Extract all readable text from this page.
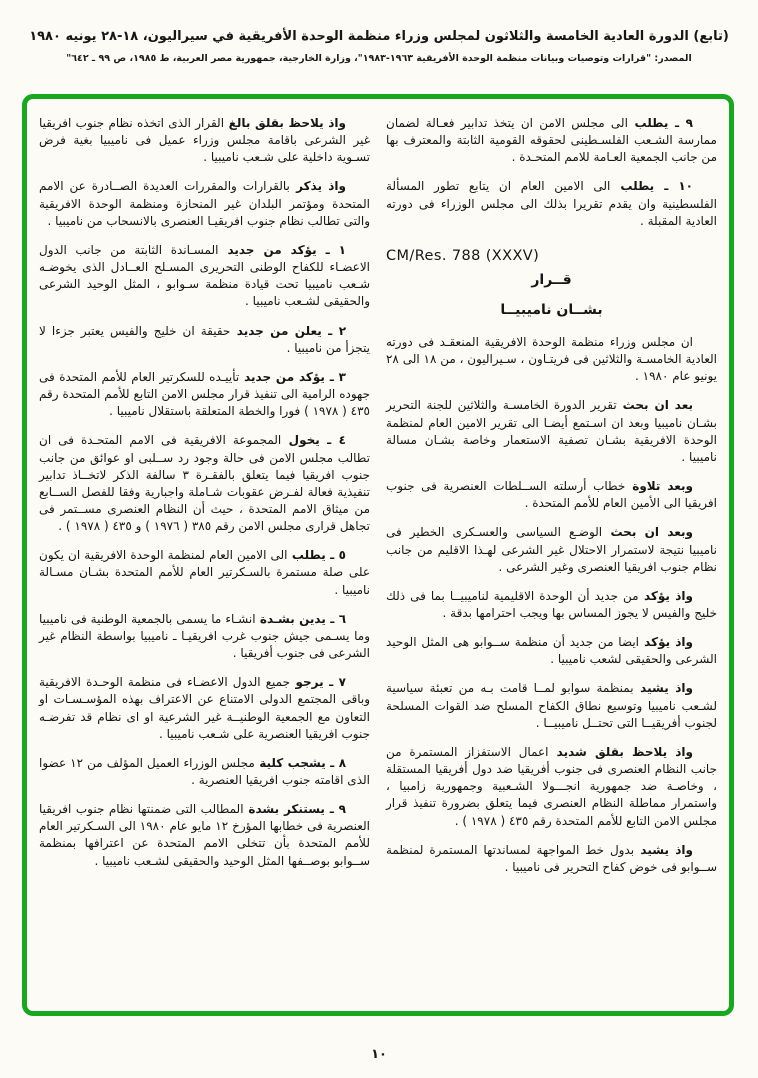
(تابع) الدورة العادية الخامسة والثلاثون لمجلس وزراء منظمة الوحدة الأفريقية في سيراليون، ١٨-٢٨ يونيه ١٩٨٠
المصدر: "قرارات وتوصيات وبيانات منظمة الوحدة الأفريقية ١٩٦٣-١٩٨٣"، وزارة الخارجية، جمهورية مصر العربية، ط ١٩٨٥، ص ٩٩ ـ ٦٤٢"

٩ ـ يطلب الى مجلس الامن ان يتخذ تدابير فعـالة لضمان ممارسة الشـعب الفلسـطينى لحقوقه القومية الثابتة والمعترف بها من جانب الجمعية العـامة للامم المتحـدة .

١٠ ـ يطلب الى الامين العام ان يتابع تطور المسألة الفلسطينية وان يقدم تقريرا بذلك الى مجلس الوزراء فى دورته العادية المقبلة .

CM/Res. 788 (XXXV)
قــرار
بشــان ناميبيــا

ان مجلس وزراء منظمة الوحدة الافريقية المنعقـد فى دورته العادية الخامسـة والثلاثين فى فريتـاون ، سـيراليون ، من ١٨ الى ٢٨ يونيو عام ١٩٨٠ .

بعد ان بحث تقرير الدورة الخامسـة والثلاثين للجنة التحرير بشـان ناميبيا وبعد ان اسـتمع أيضـا الى تقرير الامين العام لمنظمة الوحدة الافريقية بشـان تصفية الاستعمار وخاصة بشـان مسالة ناميبيا .

وبعد تلاوة خطاب أرسلته الســلطات العنصرية فى جنوب افريقيا الى الأمين العام للأمم المتحدة .

وبعد ان بحث الوضـع السياسى والعسـكرى الخطير فى ناميبيا نتيجة لاستمرار الاحتلال غير الشرعى لهـذا الاقليم من جانب نظام جنوب افريقيا العنصرى وغير الشرعى .

واذ يؤكد من جديد أن الوحدة الاقليمية لناميبيــا بما فى ذلك خليج والفيس لا يجوز المساس بها ويجب احترامها بدقة .

واذ يؤكد ايضا من جديد أن منظمة ســوابو هى المثل الوحيد الشرعى والحقيقى لشعب ناميبيا .

واذ يشيد بمنظمة سوابو لمــا قامت بـه من تعبئة سياسية لشـعب ناميبيا وتوسيع نطاق الكفاح المسلح ضد القوات المسلحة لجنوب أفريقيــا التى تحتــل ناميبيــا .

واذ يلاحظ بقلق شديد اعمال الاستفزاز المستمرة من جانب النظام العنصرى فى جنوب أفريقيا ضد دول أفريقيا المستقلة ، وخاصـة ضد جمهورية انجـــولا الشـعبية وجمهورية زامبيا ، واستمرار مماطلة النظام العنصرى فيما يتعلق بضرورة تنفيذ قرار مجلس الامن التابع للأمم المتحدة رقم ٤٣٥ ( ١٩٧٨ ) .

واذ يشيد بدول خط المواجهة لمساندتها المستمرة لمنظمة ســوابو فى خوض كفاح التحرير فى ناميبيا .

واذ يلاحظ بقلق بالغ القرار الذى اتخذه نظام جنوب افريقيا غير الشرعى باقامة مجلس وزراء عميل فى ناميبيا بغية فرض تسـوية داخلية على شـعب ناميبيا .

واذ يذكر بالقرارات والمقررات العديدة الصــادرة عن الامم المتحدة ومؤتمر البلدان غير المنحازة ومنظمة الوحدة الافريقية والتى تطالب نظام جنوب افريقيـا العنصرى بالانسحاب من ناميبيا .

١ ـ يؤكد من جديد المسـاندة الثابتة من جانب الدول الاعضـاء للكفاح الوطنى التحريرى المسـلح العــادل الذى يخوضـه شـعب ناميبيا تحت قيادة منظمة سـوابو ، المثل الوحيد الشرعى والحقيقى لشـعب ناميبيا .

٢ ـ يعلن من جديد حقيقة ان خليج والفيس يعتبر جزءا لا يتجزأ من ناميبيا .

٣ ـ يؤكد من جديد تأييـده للسكرتير العام للأمم المتحدة فى جهوده الرامية الى تنفيذ قرار مجلس الامن التابع للأمم المتحدة رقم ٤٣٥ ( ١٩٧٨ ) فورا والخطة المتعلقة باستقلال ناميبيا .

٤ ـ يخول المجموعة الافريقية فى الامم المتحـدة فى ان تطالب مجلس الامن فى حالة وجود رد ســلبى او عوائق من جانب جنوب افريقيا فيما يتعلق بالفقـرة ٣ سالفة الذكر لاتخــاذ تدابير تنفيذية فعالة لفـرض عقوبات شـاملة واجبارية وفقا للفصل الســابع من ميثاق الامم المتحدة ، حيث أن النظام العنصرى مســتمر فى تجاهل قرارى مجلس الامن رقم ٣٨٥ ( ١٩٧٦ ) و ٤٣٥ ( ١٩٧٨ ) .

٥ ـ يطلب الى الامين العام لمنظمة الوحدة الافريقية ان يكون على صلة مستمرة بالسـكرتير العام للأمم المتحدة بشـان مسـالة ناميبيا .

٦ ـ يدين بشـدة انشـاء ما يسمى بالجمعية الوطنية فى ناميبيا وما يسـمى جيش جنوب غرب افريقيـا ـ ناميبيا بواسطة النظام غير الشرعى فى جنوب أفريقيا .

٧ ـ يرجو جميع الدول الاعضـاء فى منظمة الوحـدة الافريقية وباقى المجتمع الدولى الامتناع عن الاعتراف بهذه المؤسـسـات او التعاون مع الجمعية الوطنيــة غير الشرعية او اى نظام قد تفرضـه جنوب افريقيا العنصرية على شـعب ناميبيا .

٨ ـ يشجب كلية مجلس الوزراء العميل المؤلف من ١٢ عضوا الذى اقامته جنوب افريقيا العنصرية .

٩ ـ يستنكر بشدة المطالب التى ضمنتها نظام جنوب افريقيا العنصرية فى خطابها المؤرخ ١٢ مايو عام ١٩٨٠ الى السـكرتير العام للأمم المتحدة بأن تتخلى الامم المتحدة عن اعترافها بمنظمة ســوابو بوصــفها المثل الوحيد والحقيقى لشـعب ناميبيا .

١٠
